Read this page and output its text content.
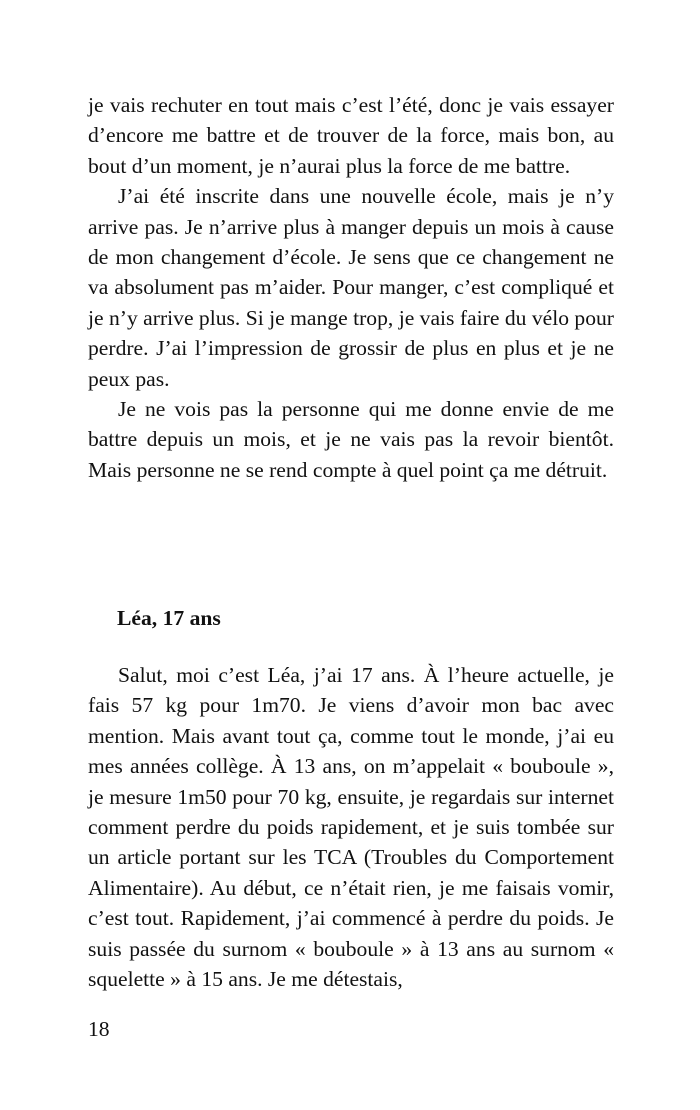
je vais rechuter en tout mais c’est l’été, donc je vais essayer d’encore me battre et de trouver de la force, mais bon, au bout d’un moment, je n’aurai plus la force de me battre.

J’ai été inscrite dans une nouvelle école, mais je n’y arrive pas. Je n’arrive plus à manger depuis un mois à cause de mon changement d’école. Je sens que ce changement ne va absolument pas m’aider. Pour manger, c’est compliqué et je n’y arrive plus. Si je mange trop, je vais faire du vélo pour perdre. J’ai l’impression de grossir de plus en plus et je ne peux pas.

Je ne vois pas la personne qui me donne envie de me battre depuis un mois, et je ne vais pas la revoir bientôt. Mais personne ne se rend compte à quel point ça me détruit.

Léa, 17 ans

Salut, moi c’est Léa, j’ai 17 ans. À l’heure actuelle, je fais 57 kg pour 1m70. Je viens d’avoir mon bac avec mention. Mais avant tout ça, comme tout le monde, j’ai eu mes années collège. À 13 ans, on m’appelait « bouboule », je mesure 1m50 pour 70 kg, ensuite, je regardais sur internet comment perdre du poids rapidement, et je suis tombée sur un article portant sur les TCA (Troubles du Comportement Alimentaire). Au début, ce n’était rien, je me faisais vomir, c’est tout. Rapidement, j’ai commencé à perdre du poids. Je suis passée du surnom « bouboule » à 13 ans au surnom « squelette » à 15 ans. Je me détestais,

18
